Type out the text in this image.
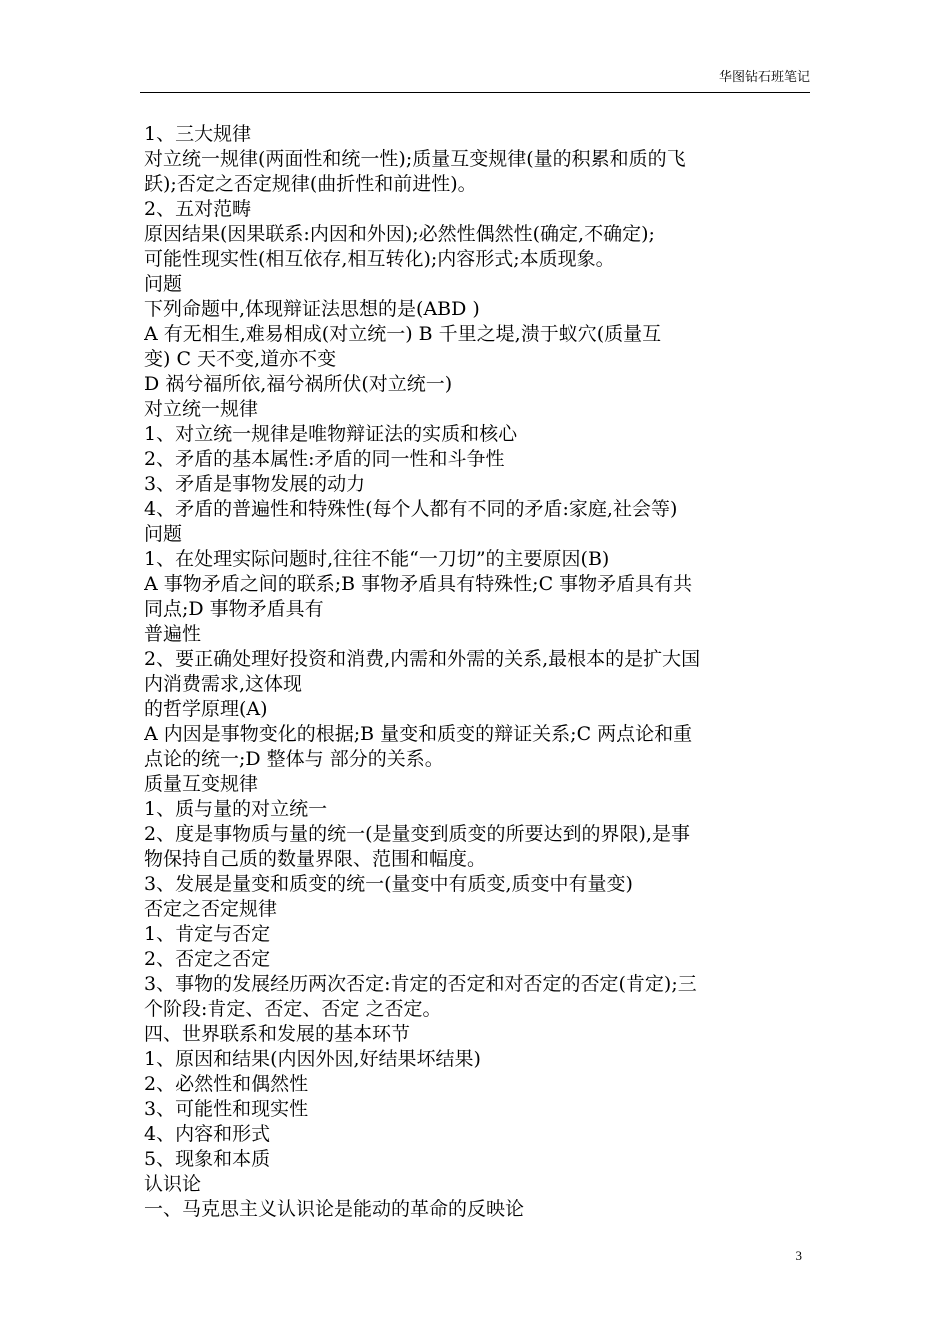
华图钻石班笔记
1、三大规律
对立统一规律(两面性和统一性);质量互变规律(量的积累和质的飞
跃);否定之否定规律(曲折性和前进性)。
2、五对范畴
原因结果(因果联系:内因和外因);必然性偶然性(确定,不确定);
可能性现实性(相互依存,相互转化);内容形式;本质现象。
问题
下列命题中,体现辩证法思想的是(ABD )
A 有无相生,难易相成(对立统一) B 千里之堤,溃于蚁穴(质量互
变) C 天不变,道亦不变
D 祸兮福所依,福兮祸所伏(对立统一)
对立统一规律
1、对立统一规律是唯物辩证法的实质和核心
2、矛盾的基本属性:矛盾的同一性和斗争性
3、矛盾是事物发展的动力
4、矛盾的普遍性和特殊性(每个人都有不同的矛盾:家庭,社会等)
问题
1、在处理实际问题时,往往不能“一刀切”的主要原因(B)
A 事物矛盾之间的联系;B 事物矛盾具有特殊性;C 事物矛盾具有共
同点;D 事物矛盾具有
普遍性
2、要正确处理好投资和消费,内需和外需的关系,最根本的是扩大国
内消费需求,这体现
的哲学原理(A)
A 内因是事物变化的根据;B 量变和质变的辩证关系;C 两点论和重
点论的统一;D 整体与 部分的关系。
质量互变规律
1、质与量的对立统一
2、度是事物质与量的统一(是量变到质变的所要达到的界限),是事
物保持自己质的数量界限、范围和幅度。
3、发展是量变和质变的统一(量变中有质变,质变中有量变)
否定之否定规律
1、肯定与否定
2、否定之否定
3、事物的发展经历两次否定:肯定的否定和对否定的否定(肯定);三
个阶段:肯定、否定、否定 之否定。
四、世界联系和发展的基本环节
1、原因和结果(内因外因,好结果坏结果)
2、必然性和偶然性
3、可能性和现实性
4、内容和形式
5、现象和本质
认识论
一、马克思主义认识论是能动的革命的反映论
3
